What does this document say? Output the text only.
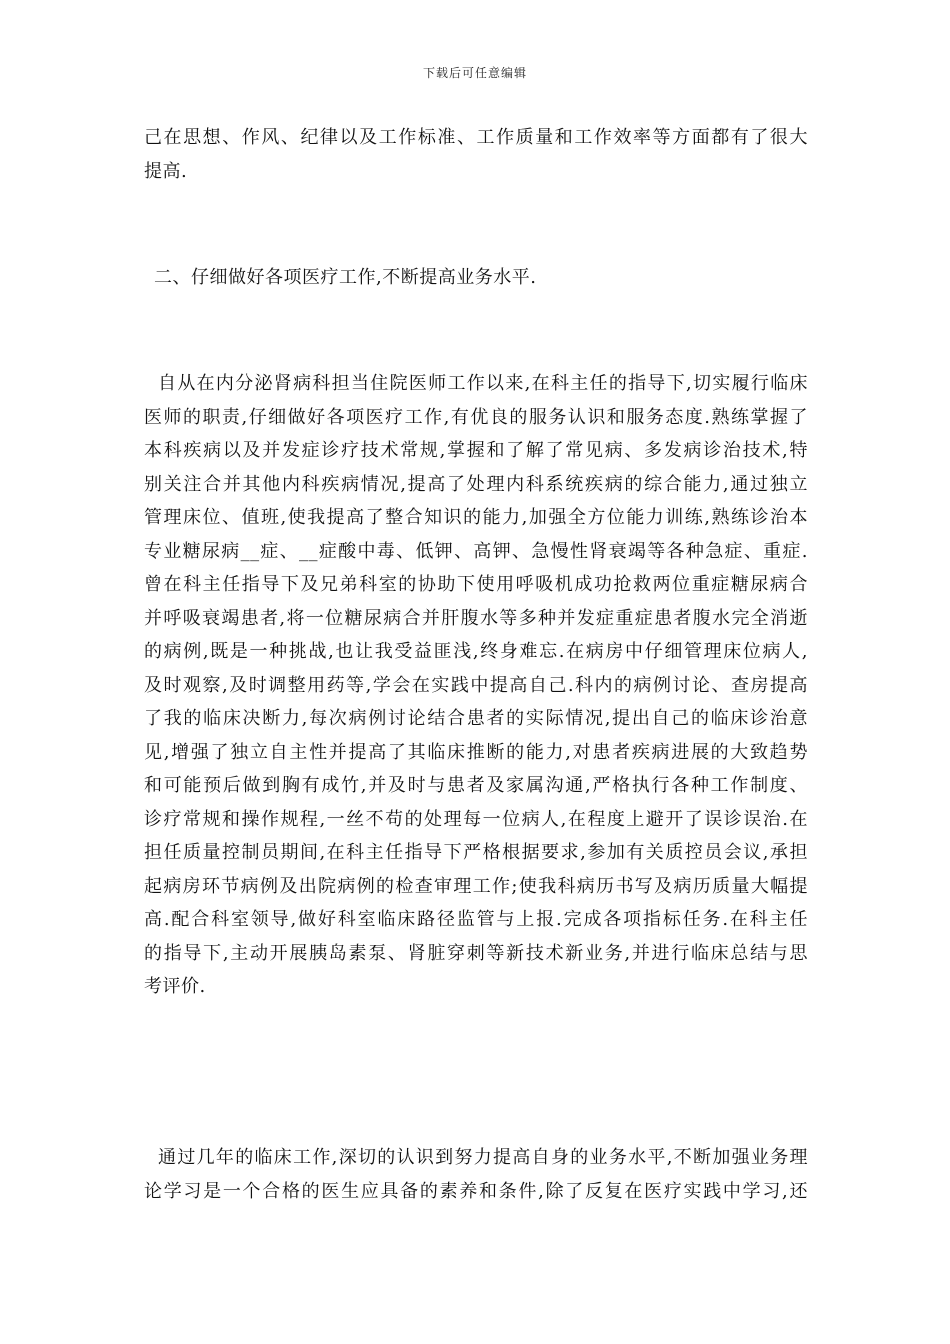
下载后可任意编辑
己在思想、作风、纪律以及工作标准、工作质量和工作效率等方面都有了很大
提高.
二、仔细做好各项医疗工作,不断提高业务水平.
自从在内分泌肾病科担当住院医师工作以来,在科主任的指导下,切实履行临床
医师的职责,仔细做好各项医疗工作,有优良的服务认识和服务态度.熟练掌握了
本科疾病以及并发症诊疗技术常规,掌握和了解了常见病、多发病诊治技术,特
别关注合并其他内科疾病情况,提高了处理内科系统疾病的综合能力,通过独立
管理床位、值班,使我提高了整合知识的能力,加强全方位能力训练,熟练诊治本
专业糖尿病__症、__症酸中毒、低钾、高钾、急慢性肾衰竭等各种急症、重症.
曾在科主任指导下及兄弟科室的协助下使用呼吸机成功抢救两位重症糖尿病合
并呼吸衰竭患者,将一位糖尿病合并肝腹水等多种并发症重症患者腹水完全消逝
的病例,既是一种挑战,也让我受益匪浅,终身难忘.在病房中仔细管理床位病人,
及时观察,及时调整用药等,学会在实践中提高自己.科内的病例讨论、查房提高
了我的临床决断力,每次病例讨论结合患者的实际情况,提出自己的临床诊治意
见,增强了独立自主性并提高了其临床推断的能力,对患者疾病进展的大致趋势
和可能预后做到胸有成竹,并及时与患者及家属沟通,严格执行各种工作制度、
诊疗常规和操作规程,一丝不苟的处理每一位病人,在程度上避开了误诊误治.在
担任质量控制员期间,在科主任指导下严格根据要求,参加有关质控员会议,承担
起病房环节病例及出院病例的检查审理工作;使我科病历书写及病历质量大幅提
高.配合科室领导,做好科室临床路径监管与上报.完成各项指标任务.在科主任
的指导下,主动开展胰岛素泵、肾脏穿刺等新技术新业务,并进行临床总结与思
考评价.
通过几年的临床工作,深切的认识到努力提高自身的业务水平,不断加强业务理
论学习是一个合格的医生应具备的素养和条件,除了反复在医疗实践中学习,还
